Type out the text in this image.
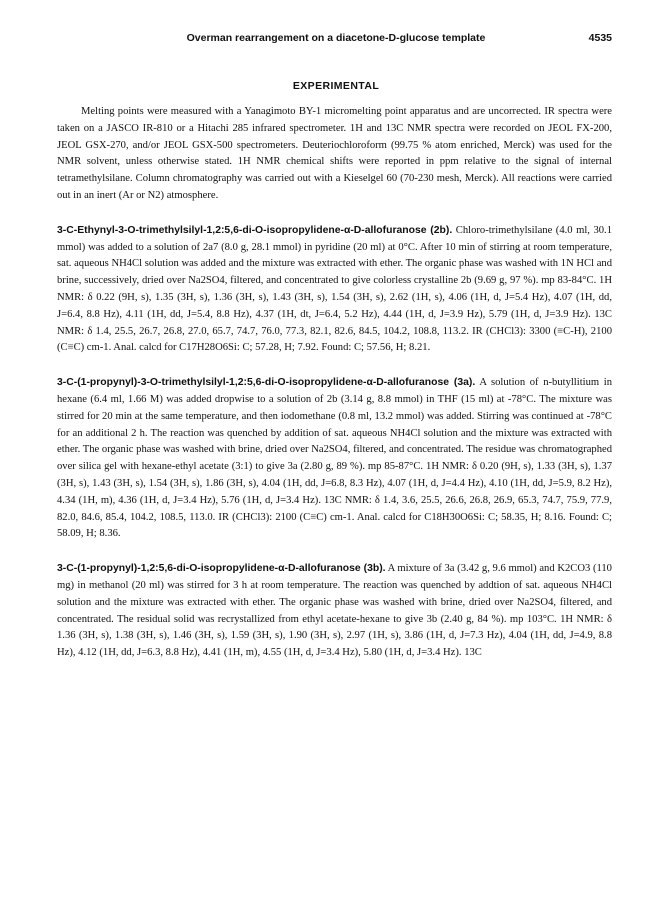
Overman rearrangement on a diacetone-D-glucose template	4535
EXPERIMENTAL

Melting points were measured with a Yanagimoto BY-1 micromelting point apparatus and are uncorrected. IR spectra were taken on a JASCO IR-810 or a Hitachi 285 infrared spectrometer. 1H and 13C NMR spectra were recorded on JEOL FX-200, JEOL GSX-270, and/or JEOL GSX-500 spectrometers. Deuteriochloroform (99.75 % atom enriched, Merck) was used for the NMR solvent, unless otherwise stated. 1H NMR chemical shifts were reported in ppm relative to the signal of internal tetramethylsilane. Column chromatography was carried out with a Kieselgel 60 (70-230 mesh, Merck). All reactions were carried out in an inert (Ar or N2) atmosphere.

3-C-Ethynyl-3-O-trimethylsilyl-1,2:5,6-di-O-isopropylidene-α-D-allofuranose (2b). Chloro-trimethylsilane (4.0 ml, 30.1 mmol) was added to a solution of 2a7 (8.0 g, 28.1 mmol) in pyridine (20 ml) at 0°C. After 10 min of stirring at room temperature, sat. aqueous NH4Cl solution was added and the mixture was extracted with ether. The organic phase was washed with 1N HCl and brine, successively, dried over Na2SO4, filtered, and concentrated to give colorless crystalline 2b (9.69 g, 97 %). mp 83-84°C. 1H NMR: δ 0.22 (9H, s), 1.35 (3H, s), 1.36 (3H, s), 1.43 (3H, s), 1.54 (3H, s), 2.62 (1H, s), 4.06 (1H, d, J=5.4 Hz), 4.07 (1H, dd, J=6.4, 8.8 Hz), 4.11 (1H, dd, J=5.4, 8.8 Hz), 4.37 (1H, dt, J=6.4, 5.2 Hz), 4.44 (1H, d, J=3.9 Hz), 5.79 (1H, d, J=3.9 Hz). 13C NMR: δ 1.4, 25.5, 26.7, 26.8, 27.0, 65.7, 74.7, 76.0, 77.3, 82.1, 82.6, 84.5, 104.2, 108.8, 113.2. IR (CHCl3): 3300 (≡C-H), 2100 (C≡C) cm-1. Anal. calcd for C17H28O6Si: C; 57.28, H; 7.92. Found: C; 57.56, H; 8.21.

3-C-(1-propynyl)-3-O-trimethylsilyl-1,2:5,6-di-O-isopropylidene-α-D-allofuranose (3a). A solution of n-butyllitium in hexane (6.4 ml, 1.66 M) was added dropwise to a solution of 2b (3.14 g, 8.8 mmol) in THF (15 ml) at -78°C. The mixture was stirred for 20 min at the same temperature, and then iodomethane (0.8 ml, 13.2 mmol) was added. Stirring was continued at -78°C for an additional 2 h. The reaction was quenched by addition of sat. aqueous NH4Cl solution and the mixture was extracted with ether. The organic phase was washed with brine, dried over Na2SO4, filtered, and concentrated. The residue was chromatographed over silica gel with hexane-ethyl acetate (3:1) to give 3a (2.80 g, 89 %). mp 85-87°C. 1H NMR: δ 0.20 (9H, s), 1.33 (3H, s), 1.37 (3H, s), 1.43 (3H, s), 1.54 (3H, s), 1.86 (3H, s), 4.04 (1H, dd, J=6.8, 8.3 Hz), 4.07 (1H, d, J=4.4 Hz), 4.10 (1H, dd, J=5.9, 8.2 Hz), 4.34 (1H, m), 4.36 (1H, d, J=3.4 Hz), 5.76 (1H, d, J=3.4 Hz). 13C NMR: δ 1.4, 3.6, 25.5, 26.6, 26.8, 26.9, 65.3, 74.7, 75.9, 77.9, 82.0, 84.6, 85.4, 104.2, 108.5, 113.0. IR (CHCl3): 2100 (C≡C) cm-1. Anal. calcd for C18H30O6Si: C; 58.35, H; 8.16. Found: C; 58.09, H; 8.36.

3-C-(1-propynyl)-1,2:5,6-di-O-isopropylidene-α-D-allofuranose (3b). A mixture of 3a (3.42 g, 9.6 mmol) and K2CO3 (110 mg) in methanol (20 ml) was stirred for 3 h at room temperature. The reaction was quenched by addtion of sat. aqueous NH4Cl solution and the mixture was extracted with ether. The organic phase was washed with brine, dried over Na2SO4, filtered, and concentrated. The residual solid was recrystallized from ethyl acetate-hexane to give 3b (2.40 g, 84 %). mp 103°C. 1H NMR: δ 1.36 (3H, s), 1.38 (3H, s), 1.46 (3H, s), 1.59 (3H, s), 1.90 (3H, s), 2.97 (1H, s), 3.86 (1H, d, J=7.3 Hz), 4.04 (1H, dd, J=4.9, 8.8 Hz), 4.12 (1H, dd, J=6.3, 8.8 Hz), 4.41 (1H, m), 4.55 (1H, d, J=3.4 Hz), 5.80 (1H, d, J=3.4 Hz). 13C
